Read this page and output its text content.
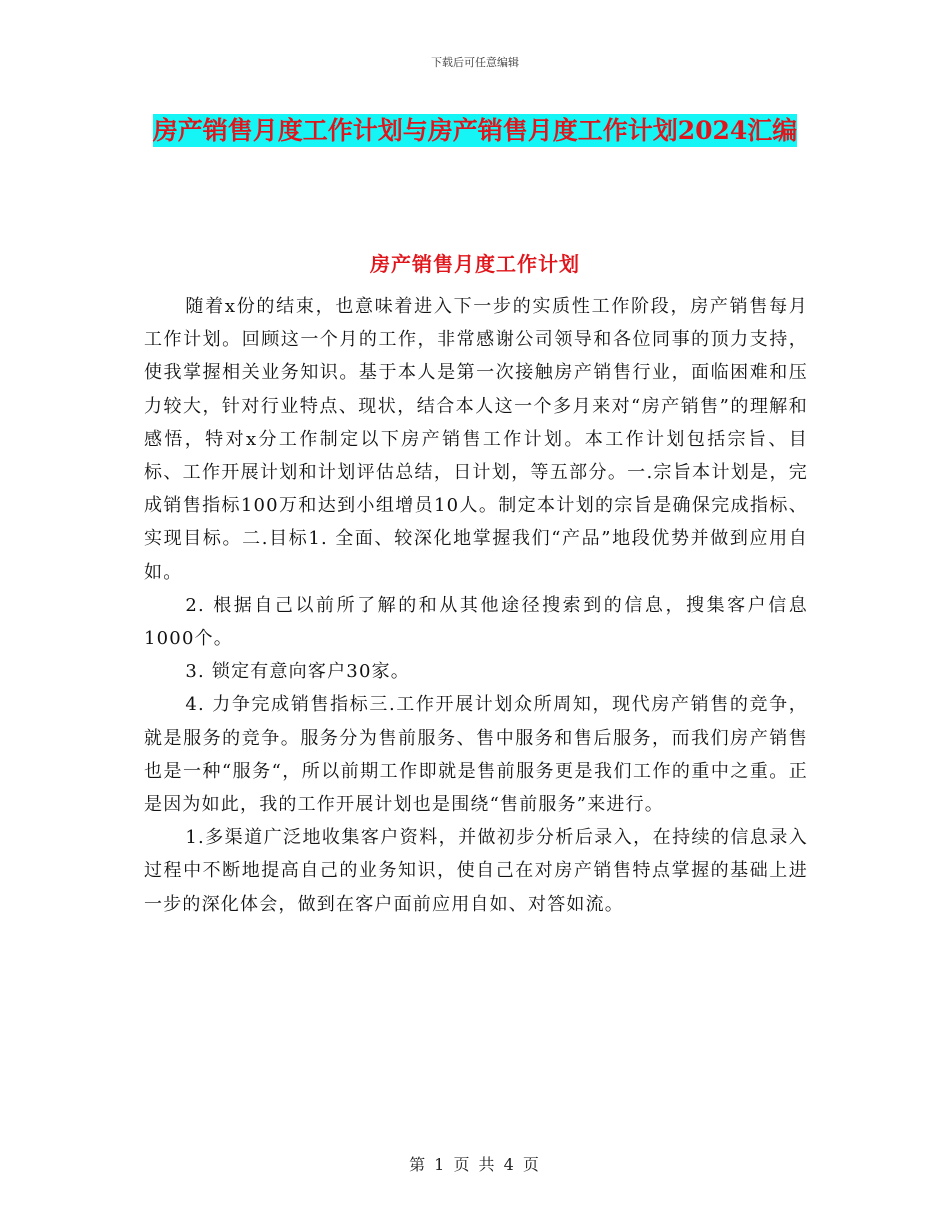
下载后可任意编辑
房产销售月度工作计划与房产销售月度工作计划2024汇编
房产销售月度工作计划

随着x份的结束，也意味着进入下一步的实质性工作阶段，房产销售每月工作计划。回顾这一个月的工作，非常感谢公司领导和各位同事的顶力支持，使我掌握相关业务知识。基于本人是第一次接触房产销售行业，面临困难和压力较大，针对行业特点、现状，结合本人这一个多月来对“房产销售”的理解和感悟，特对x分工作制定以下房产销售工作计划。本工作计划包括宗旨、目标、工作开展计划和计划评估总结，日计划，等五部分。一.宗旨本计划是，完成销售指标100万和达到小组增员10人。制定本计划的宗旨是确保完成指标、实现目标。二.目标1. 全面、较深化地掌握我们“产品”地段优势并做到应用自如。

2. 根据自己以前所了解的和从其他途径搜索到的信息，搜集客户信息1000个。

3. 锁定有意向客户30家。

4. 力争完成销售指标三.工作开展计划众所周知，现代房产销售的竞争，就是服务的竞争。服务分为售前服务、售中服务和售后服务，而我们房产销售也是一种“服务“，所以前期工作即就是售前服务更是我们工作的重中之重。正是因为如此，我的工作开展计划也是围绕“售前服务”来进行。

1.多渠道广泛地收集客户资料，并做初步分析后录入，在持续的信息录入过程中不断地提高自己的业务知识，使自己在对房产销售特点掌握的基础上进一步的深化体会，做到在客户面前应用自如、对答如流。

第 1 页 共 4 页
